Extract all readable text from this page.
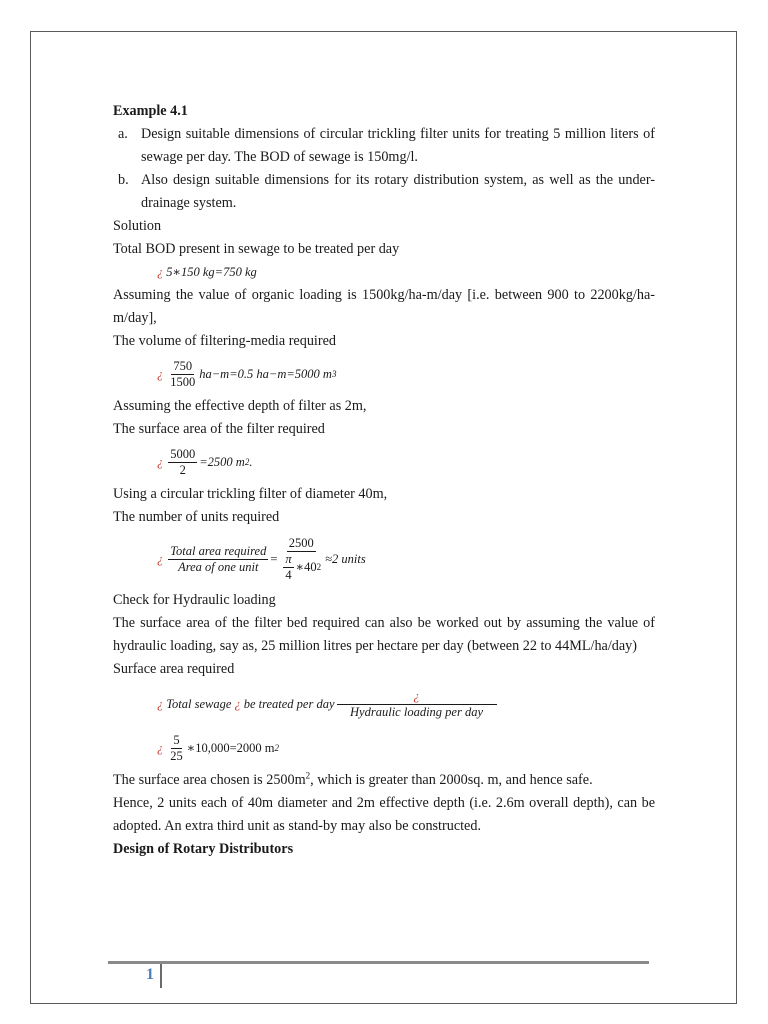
Example 4.1
a. Design suitable dimensions of circular trickling filter units for treating 5 million liters of sewage per day. The BOD of sewage is 150mg/l.
b. Also design suitable dimensions for its rotary distribution system, as well as the under-drainage system.
Solution
Total BOD present in sewage to be treated per day
¿ 5∗150 kg=750 kg
Assuming the value of organic loading is 1500kg/ha-m/day [i.e. between 900 to 2200kg/ha-m/day],
The volume of filtering-media required
¿ $\frac{750}{1500} ha-m=0.5$ ha−m=5000 m 3
Assuming the effective depth of filter as 2m,
The surface area of the filter required
¿ $\frac{5000}{2} =2500$ m 2 .
Using a circular trickling filter of diameter 40m,
The number of units required
¿ $\frac{\text{Total area required}}{\text{Area of one unit}} = \frac{2500}{\frac{\pi}{4} ∗40 2} \approx 2$ units
Check for Hydraulic loading
The surface area of the filter bed required can also be worked out by assuming the value of hydraulic loading, say as, 25 million litres per hectare per day (between 22 to 44ML/ha/day)
Surface area required
¿ Total sewage ¿ be treated per day $\frac{¿}{\text{Hydraulic loading per day}}$
¿ $\frac{5}{25}$ ∗10,000=2000 m 2
The surface area chosen is $2500m^2$, which is greater than 2000sq. m, and hence safe.
Hence, 2 units each of 40m diameter and 2m effective depth (i.e. 2.6m overall depth), can be adopted. An extra third unit as stand-by may also be constructed.
Design of Rotary Distributors
1
